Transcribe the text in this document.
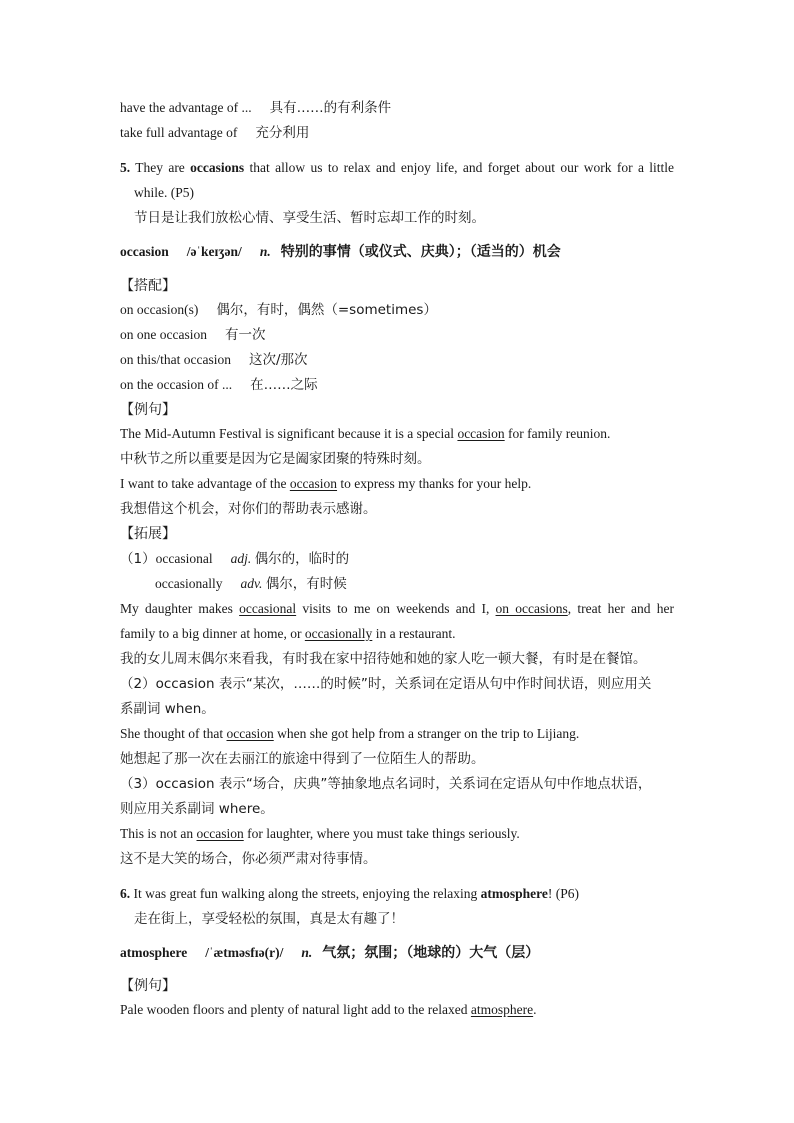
have the advantage of ... 具有……的有利条件
take full advantage of 充分利用
5. They are occasions that allow us to relax and enjoy life, and forget about our work for a little
while. (P5)
节日是让我们放松心情、享受生活、暂时忘却工作的时刻。
occasion /əˈkeɪʒən/ n. 特别的事情（或仪式、庆典）；（适当的）机会
【搭配】
on occasion(s) 偶尔，有时，偶然（=sometimes）
on one occasion 有一次
on this/that occasion 这次/那次
on the occasion of ... 在……之际
【例句】
The Mid-Autumn Festival is significant because it is a special occasion for family reunion.
中秋节之所以重要是因为它是阖家团聚的特殊时刻。
I want to take advantage of the occasion to express my thanks for your help.
我想借这个机会，对你们的帮助表示感谢。
【拓展】
（1）occasional adj. 偶尔的，临时的
occasionally adv. 偶尔，有时候
My daughter makes occasional visits to me on weekends and I, on occasions, treat her and her
family to a big dinner at home, or occasionally in a restaurant.
我的女儿周末偶尔来看我，有时我在家中招待她和她的家人吃一顿大餐，有时是在餐馆。
（2）occasion 表示“某次，……的时候”时，关系词在定语从句中作时间状语，则应用关
系副词 when。
She thought of that occasion when she got help from a stranger on the trip to Lijiang.
她想起了那一次在去丽江的旅途中得到了一位陌生人的帮助。
（3）occasion 表示“场合，庆典”等抽象地点名词时，关系词在定语从句中作地点状语，
则应用关系副词 where。
This is not an occasion for laughter, where you must take things seriously.
这不是大笑的场合，你必须严肃对待事情。
6. It was great fun walking along the streets, enjoying the relaxing atmosphere! (P6)
走在街上，享受轻松的氛围，真是太有趣了！
atmosphere /ˈætməsfɪə(r)/ n. 气氛；氛围；（地球的）大气（层）
【例句】
Pale wooden floors and plenty of natural light add to the relaxed atmosphere.
